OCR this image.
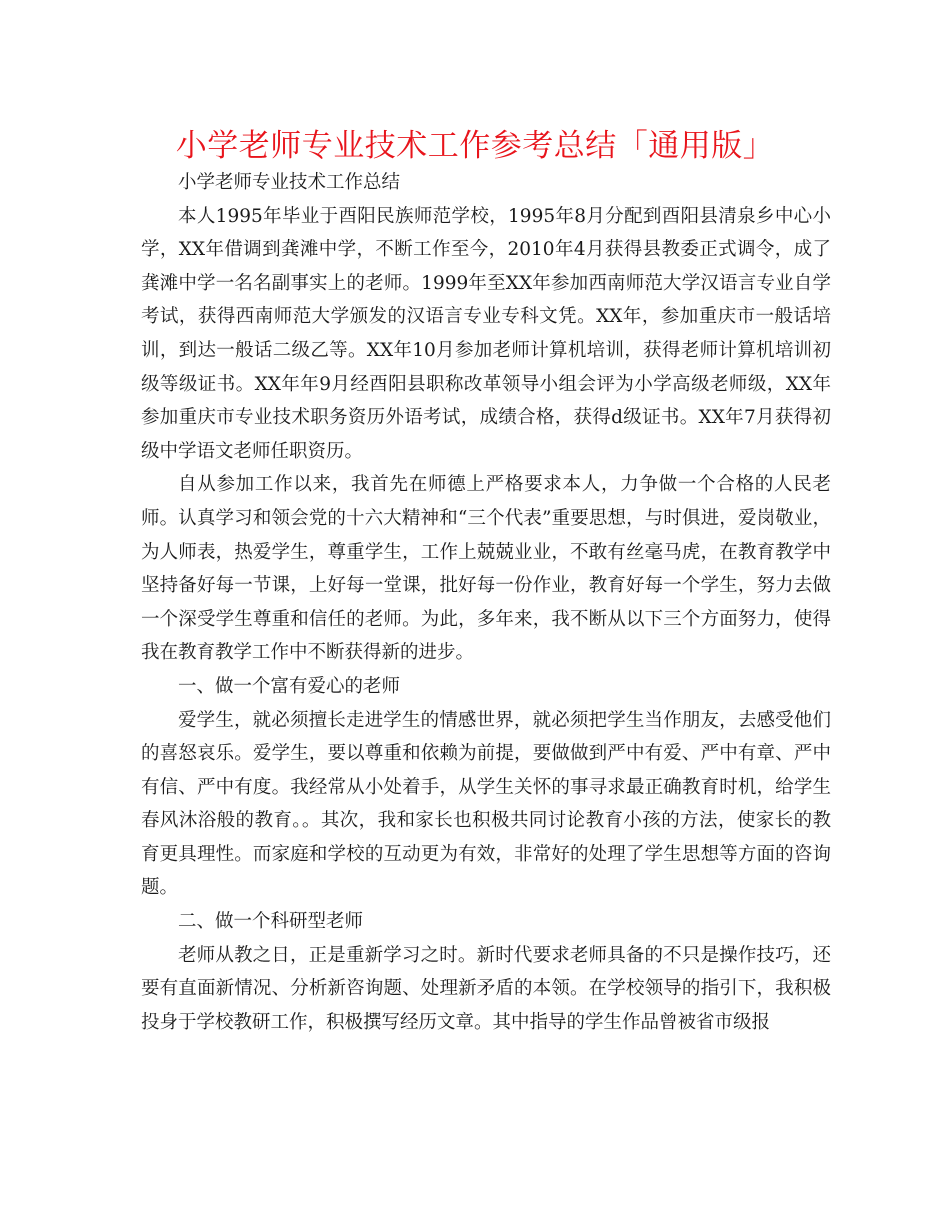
小学老师专业技术工作参考总结「通用版」

小学老师专业技术工作总结

本人1995年毕业于酉阳民族师范学校，1995年8月分配到酉阳县清泉乡中心小学，XX年借调到龚滩中学，不断工作至今，2010年4月获得县教委正式调令，成了龚滩中学一名名副事实上的老师。1999年至XX年参加西南师范大学汉语言专业自学考试，获得西南师范大学颁发的汉语言专业专科文凭。XX年，参加重庆市一般话培训，到达一般话二级乙等。XX年10月参加老师计算机培训，获得老师计算机培训初级等级证书。XX年年9月经酉阳县职称改革领导小组会评为小学高级老师级，XX年参加重庆市专业技术职务资历外语考试，成绩合格，获得d级证书。XX年7月获得初级中学语文老师任职资历。

自从参加工作以来，我首先在师德上严格要求本人，力争做一个合格的人民老师。认真学习和领会党的十六大精神和“三个代表”重要思想，与时俱进，爱岗敬业，为人师表，热爱学生，尊重学生，工作上兢兢业业，不敢有丝毫马虎，在教育教学中坚持备好每一节课，上好每一堂课，批好每一份作业，教育好每一个学生，努力去做一个深受学生尊重和信任的老师。为此，多年来，我不断从以下三个方面努力，使得我在教育教学工作中不断获得新的进步。

一、做一个富有爱心的老师

爱学生，就必须擅长走进学生的情感世界，就必须把学生当作朋友，去感受他们的喜怒哀乐。爱学生，要以尊重和依赖为前提，要做做到严中有爱、严中有章、严中有信、严中有度。我经常从小处着手，从学生关怀的事寻求最正确教育时机，给学生春风沐浴般的教育。。其次，我和家长也积极共同讨论教育小孩的方法，使家长的教育更具理性。而家庭和学校的互动更为有效，非常好的处理了学生思想等方面的咨询题。

二、做一个科研型老师

老师从教之日，正是重新学习之时。新时代要求老师具备的不只是操作技巧，还要有直面新情况、分析新咨询题、处理新矛盾的本领。在学校领导的指引下，我积极投身于学校教研工作，积极撰写经历文章。其中指导的学生作品曾被省市级报
